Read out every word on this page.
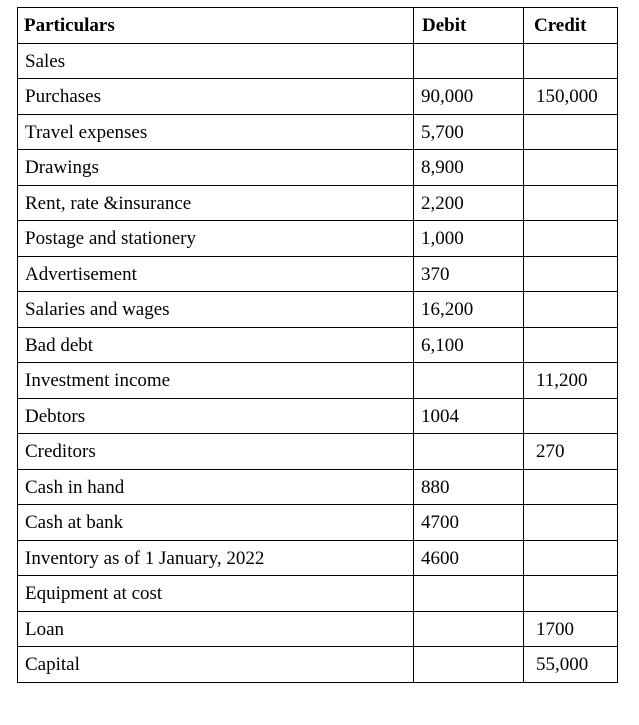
Particulars	Debit	Credit
Sales		
Purchases	90,000	150,000
Travel expenses	5,700	
Drawings	8,900	
Rent, rate &insurance	2,200	
Postage and stationery	1,000	
Advertisement	370	
Salaries and wages	16,200	
Bad debt	6,100	
Investment income		11,200
Debtors	1004	
Creditors		270
Cash in hand	880	
Cash at bank	4700	
Inventory as of 1 January, 2022	4600	
Equipment at cost		
Loan		1700
Capital		55,000
